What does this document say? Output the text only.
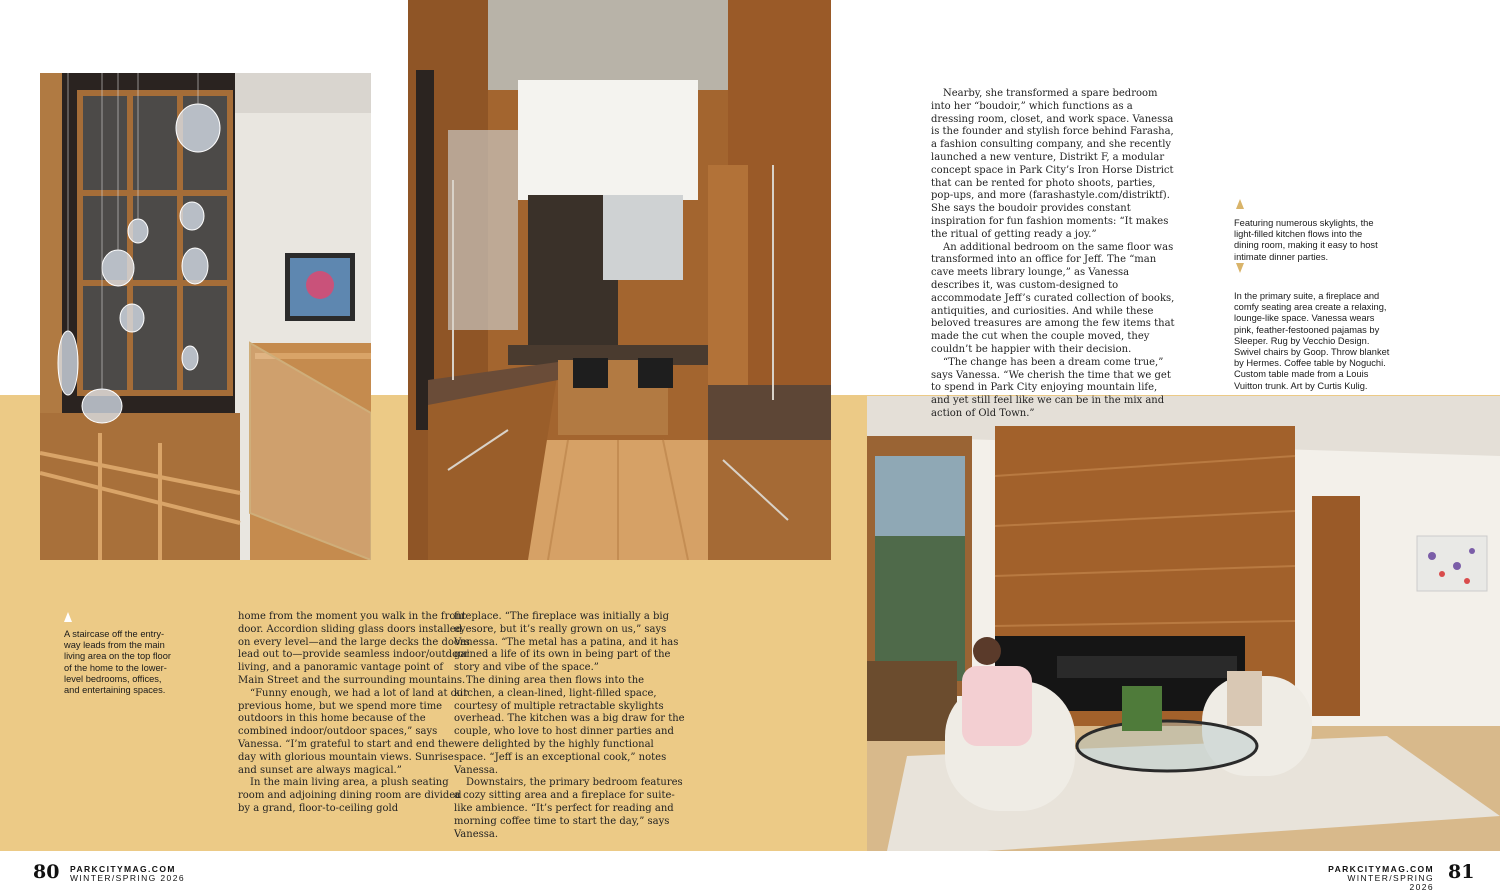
A staircase off the entry-way leads from the main living area on the top floor of the home to the lower-level bedrooms, offices, and entertaining spaces.

Featuring numerous skylights, the light-filled kitchen flows into the dining room, making it easy to host intimate dinner parties.

In the primary suite, a fireplace and comfy seating area create a relaxing, lounge-like space. Vanessa wears pink, feather-festooned pajamas by Sleeper. Rug by Vecchio Design. Swivel chairs by Goop. Throw blanket by Hermes. Coffee table by Noguchi. Custom table made from a Louis Vuitton trunk. Art by Curtis Kulig.

home from the moment you walk in the front door. Accordion sliding glass doors installed on every level—and the large decks the doors lead out to—provide seamless indoor/outdoor living, and a panoramic vantage point of Main Street and the surrounding mountains.

“Funny enough, we had a lot of land at our previous home, but we spend more time outdoors in this home because of the combined indoor/outdoor spaces,” says Vanessa. “I’m grateful to start and end the day with glorious mountain views. Sunrise and sunset are always magical.”

In the main living area, a plush seating room and adjoining dining room are divided by a grand, floor-to-ceiling gold

fireplace. “The fireplace was initially a big eyesore, but it’s really grown on us,” says Vanessa. “The metal has a patina, and it has gained a life of its own in being part of the story and vibe of the space.”

The dining area then flows into the kitchen, a clean-lined, light-filled space, courtesy of multiple retractable skylights overhead. The kitchen was a big draw for the couple, who love to host dinner parties and were delighted by the highly functional space. “Jeff is an exceptional cook,” notes Vanessa.

Downstairs, the primary bedroom features a cozy sitting area and a fireplace for suite-like ambience. “It’s perfect for reading and morning coffee time to start the day,” says Vanessa.

Nearby, she transformed a spare bedroom into her “boudoir,” which functions as a dressing room, closet, and work space. Vanessa is the founder and stylish force behind Farasha, a fashion consulting company, and she recently launched a new venture, Distrikt F, a modular concept space in Park City’s Iron Horse District that can be rented for photo shoots, parties, pop-ups, and more (farashastyle.com/distriktf). She says the boudoir provides constant inspiration for fun fashion moments: “It makes the ritual of getting ready a joy.”

An additional bedroom on the same floor was transformed into an office for Jeff. The “man cave meets library lounge,” as Vanessa describes it, was custom-designed to accommodate Jeff’s curated collection of books, antiquities, and curiosities. And while these beloved treasures are among the few items that made the cut when the couple moved, they couldn’t be happier with their decision.

“The change has been a dream come true,” says Vanessa. “We cherish the time that we get to spend in Park City enjoying mountain life, and yet still feel like we can be in the mix and action of Old Town.”

80 PARKCITYMAG.COM
WINTER/SPRING 2026

PARKCITYMAG.COM
WINTER/SPRING 2026

81
